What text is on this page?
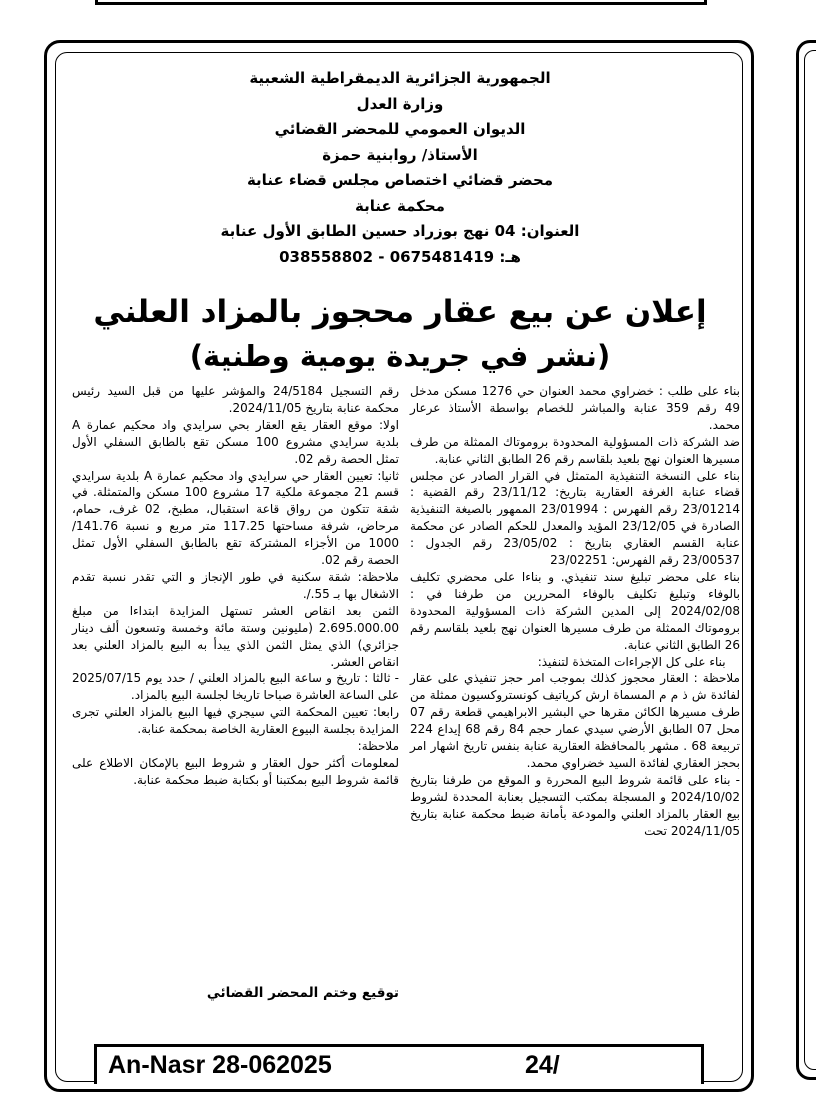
الجمهورية الجزائرية الديمقراطية الشعبية

وزارة العدل

الديوان العمومي للمحضر القضائي

الأستاذ/ روابنية حمزة

محضر قضائي اختصاص مجلس قضاء عنابة

محكمة عنابة

العنوان: 04 نهج بوزراد حسين الطابق الأول عنابة

هـ: 038558802 - 0675481419

إعلان عن بيع عقار محجوز بالمزاد العلني
(نشر في جريدة يومية وطنية)

بناء على طلب : خضراوي محمد العنوان حي 1276 مسكن مدخل 49 رقم 359 عنابة والمباشر للخصام بواسطة الأستاذ عرعار محمد.

ضد الشركة ذات المسؤولية المحدودة بروموتاك الممثلة من طرف مسيرها العنوان نهج بلعيد بلقاسم رقم 26 الطابق الثاني عنابة.

بناء على النسخة التنفيذية المتمثل في القرار الصادر عن مجلس قضاء عنابة الغرفة العقارية بتاريخ: 23/11/12 رقم القضية : 23/01214 رقم الفهرس : 23/01994 الممهور بالصيغة التنفيذية الصادرة في 23/12/05 المؤيد والمعدل للحكم الصادر عن محكمة عنابة القسم العقاري بتاريخ : 23/05/02 رقم الجدول : 23/00537 رقم الفهرس: 23/02251

بناء على محضر تبليغ سند تنفيذي. و بناءا على محضري تكليف بالوفاء وتبليغ تكليف بالوفاء المحررين من طرفنا في : 2024/02/08 إلى المدين الشركة ذات المسؤولية المحدودة بروموتاك الممثلة من طرف مسيرها العنوان نهج بلعيد بلقاسم رقم 26 الطابق الثاني عنابة.

بناء على كل الإجراءات المتخذة لتنفيذ:

ملاحظة : العقار محجوز كذلك بموجب امر حجز تنفيذي على عقار لفائدة ش ذ م م المسماة ارش كرياتيف كونستروكسيون ممثلة من طرف مسيرها الكائن مقرها حي البشير الابراهيمي قطعة رقم 07 محل 07 الطابق الأرضي سيدي عمار حجم 84 رقم 68 إيداع 224 تربيعة 68 . مشهر بالمحافظة العقارية عنابة بنفس تاريخ اشهار امر بحجز العقاري لفائدة السيد خضراوي محمد.

- بناء على قائمة شروط البيع المحررة و الموقع من طرفنا بتاريخ 2024/10/02 و المسجلة بمكتب التسجيل بعنابة المحددة لشروط بيع العقار بالمزاد العلني والمودعة بأمانة ضبط محكمة عنابة بتاريخ 2024/11/05 تحت

رقم التسجيل 24/5184 والمؤشر عليها من قبل السيد رئيس محكمة عنابة بتاريخ 2024/11/05.

اولا: موقع العقار يقع العقار بحي سرايدي واد محكيم عمارة A بلدية سرايدي مشروع 100 مسكن تقع بالطابق السفلي الأول تمثل الحصة رقم 02.

ثانيا: تعيين العقار حي سرايدي واد محكيم عمارة A بلدية سرايدي قسم 21 مجموعة ملكية 17 مشروع 100 مسكن والمتمثلة. في شقة تتكون من رواق قاعة استقبال، مطبخ، 02 غرف، حمام، مرحاض، شرفة مساحتها 117.25 متر مربع و نسبة 141.76/ 1000 من الأجزاء المشتركة تقع بالطابق السفلي الأول تمثل الحصة رقم 02.

ملاحظة: شقة سكنية في طور الإنجاز و التي تقدر نسبة تقدم الاشغال بها بـ 55./.

الثمن بعد انقاص العشر تستهل المزايدة ابتداءا من مبلغ 2.695.000.00 (مليونين وستة مائة وخمسة وتسعون ألف دينار جزائري) الذي يمثل الثمن الذي يبدأ به البيع بالمزاد العلني بعد انقاص العشر.

- ثالثا : تاريخ و ساعة البيع بالمزاد العلني / حدد يوم 2025/07/15 على الساعة العاشرة صباحا تاريخا لجلسة البيع بالمزاد.

رابعا: تعيين المحكمة التي سيجري فيها البيع بالمزاد العلني تجرى المزايدة بجلسة البيوع العقارية الخاصة بمحكمة عنابة.

ملاحظة:

لمعلومات أكثر حول العقار و شروط البيع بالإمكان الاطلاع على قائمة شروط البيع بمكتبنا أو بكتابة ضبط محكمة عنابة.

توقيع وختم المحضر القضائي
An-Nasr 28-062025	24/
